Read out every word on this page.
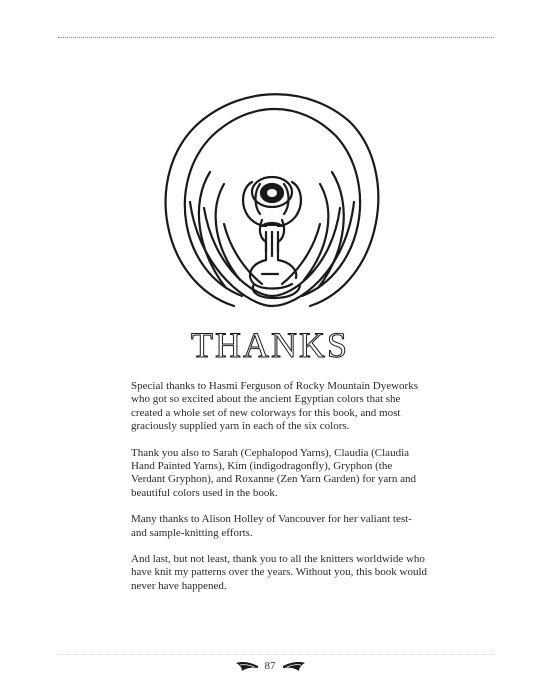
THANKS

Special thanks to Hasmi Ferguson of Rocky Mountain Dyeworks who got so excited about the ancient Egyptian colors that she created a whole set of new colorways for this book, and most graciously supplied yarn in each of the six colors.

Thank you also to Sarah (Cephalopod Yarns), Claudia (Claudia Hand Painted Yarns), Kim (indigodragonfly), Gryphon (the Verdant Gryphon), and Roxanne (Zen Yarn Garden) for yarn and beautiful colors used in the book.

Many thanks to Alison Holley of Vancouver for her valiant test- and sample-knitting efforts.

And last, but not least, thank you to all the knitters worldwide who have knit my patterns over the years. Without you, this book would never have happened.

87
